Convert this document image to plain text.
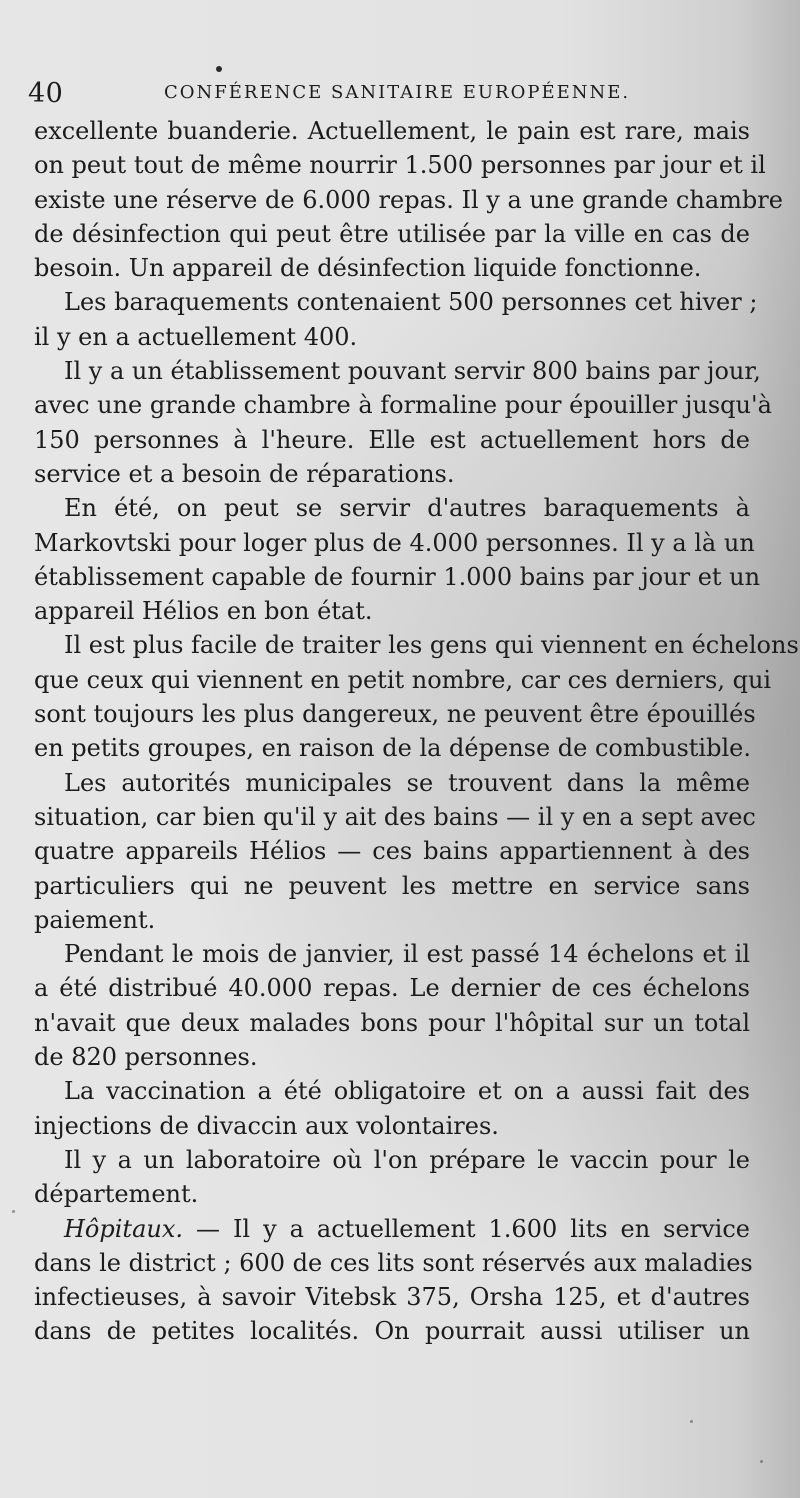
40	CONFÉRENCE SANITAIRE EUROPÉENNE.
excellente buanderie. Actuellement, le pain est rare, mais
on peut tout de même nourrir 1.500 personnes par jour et il
existe une réserve de 6.000 repas. Il y a une grande chambre
de désinfection qui peut être utilisée par la ville en cas de
besoin. Un appareil de désinfection liquide fonctionne.
Les baraquements contenaient 500 personnes cet hiver ;
il y en a actuellement 400.
Il y a un établissement pouvant servir 800 bains par jour,
avec une grande chambre à formaline pour épouiller jusqu'à
150 personnes à l'heure. Elle est actuellement hors de
service et a besoin de réparations.
En été, on peut se servir d'autres baraquements à
Markovtski pour loger plus de 4.000 personnes. Il y a là un
établissement capable de fournir 1.000 bains par jour et un
appareil Hélios en bon état.
Il est plus facile de traiter les gens qui viennent en échelons
que ceux qui viennent en petit nombre, car ces derniers, qui
sont toujours les plus dangereux, ne peuvent être épouillés
en petits groupes, en raison de la dépense de combustible.
Les autorités municipales se trouvent dans la même
situation, car bien qu'il y ait des bains — il y en a sept avec
quatre appareils Hélios — ces bains appartiennent à des
particuliers qui ne peuvent les mettre en service sans
paiement.
Pendant le mois de janvier, il est passé 14 échelons et il
a été distribué 40.000 repas. Le dernier de ces échelons
n'avait que deux malades bons pour l'hôpital sur un total
de 820 personnes.
La vaccination a été obligatoire et on a aussi fait des
injections de divaccin aux volontaires.
Il y a un laboratoire où l'on prépare le vaccin pour le
département.
Hôpitaux. — Il y a actuellement 1.600 lits en service
dans le district ; 600 de ces lits sont réservés aux maladies
infectieuses, à savoir Vitebsk 375, Orsha 125, et d'autres
dans de petites localités. On pourrait aussi utiliser un
